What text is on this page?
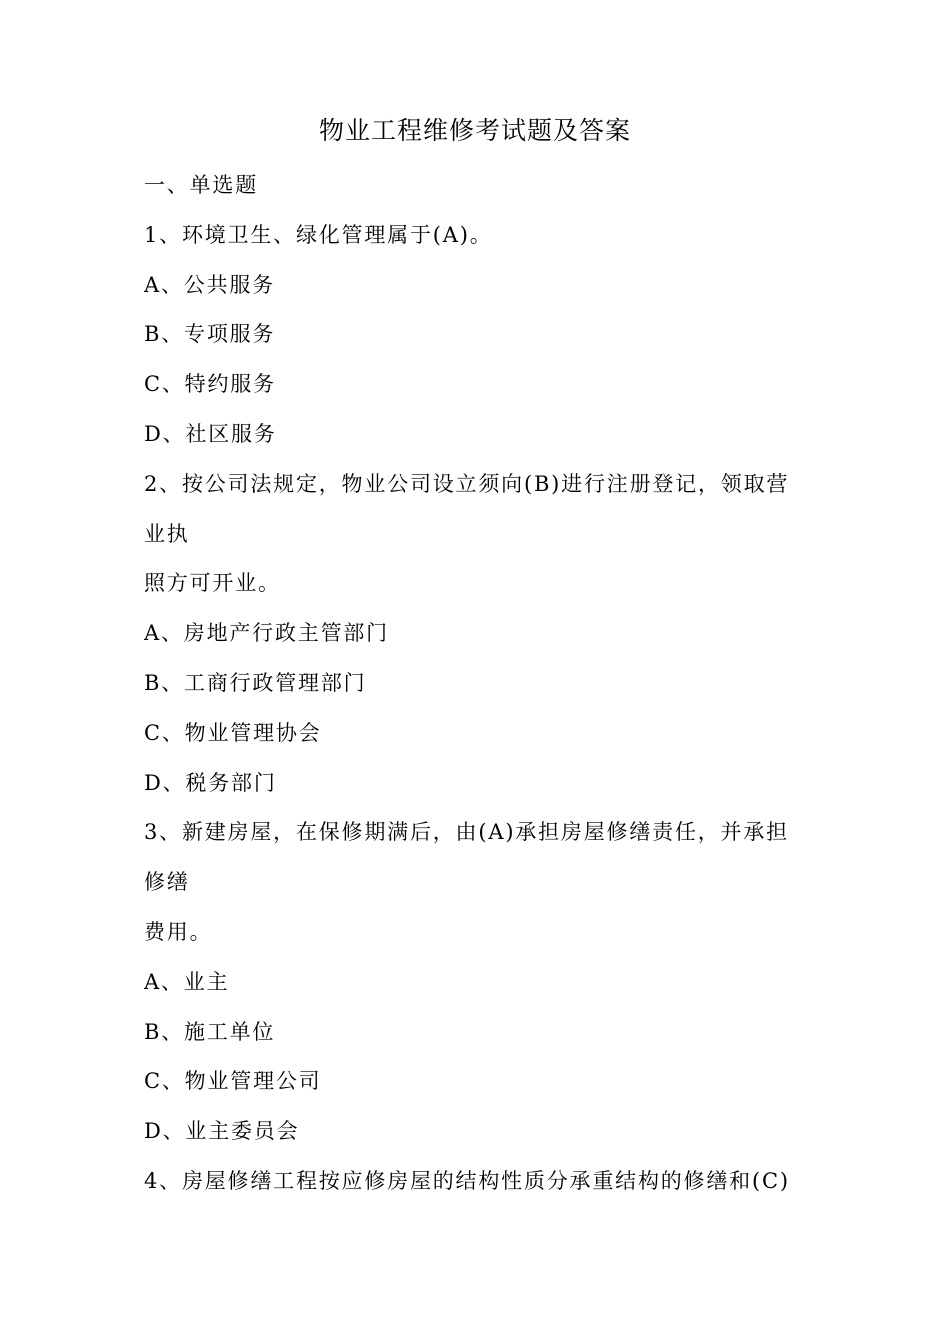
物业工程维修考试题及答案
一、单选题
1、环境卫生、绿化管理属于(A)。
A、公共服务
B、专项服务
C、特约服务
D、社区服务
2、按公司法规定，物业公司设立须向(B)进行注册登记，领取营
业执
照方可开业。
A、房地产行政主管部门
B、工商行政管理部门
C、物业管理协会
D、税务部门
3、新建房屋，在保修期满后，由(A)承担房屋修缮责任，并承担
修缮
费用。
A、业主
B、施工单位
C、物业管理公司
D、业主委员会
4、房屋修缮工程按应修房屋的结构性质分承重结构的修缮和(C)
